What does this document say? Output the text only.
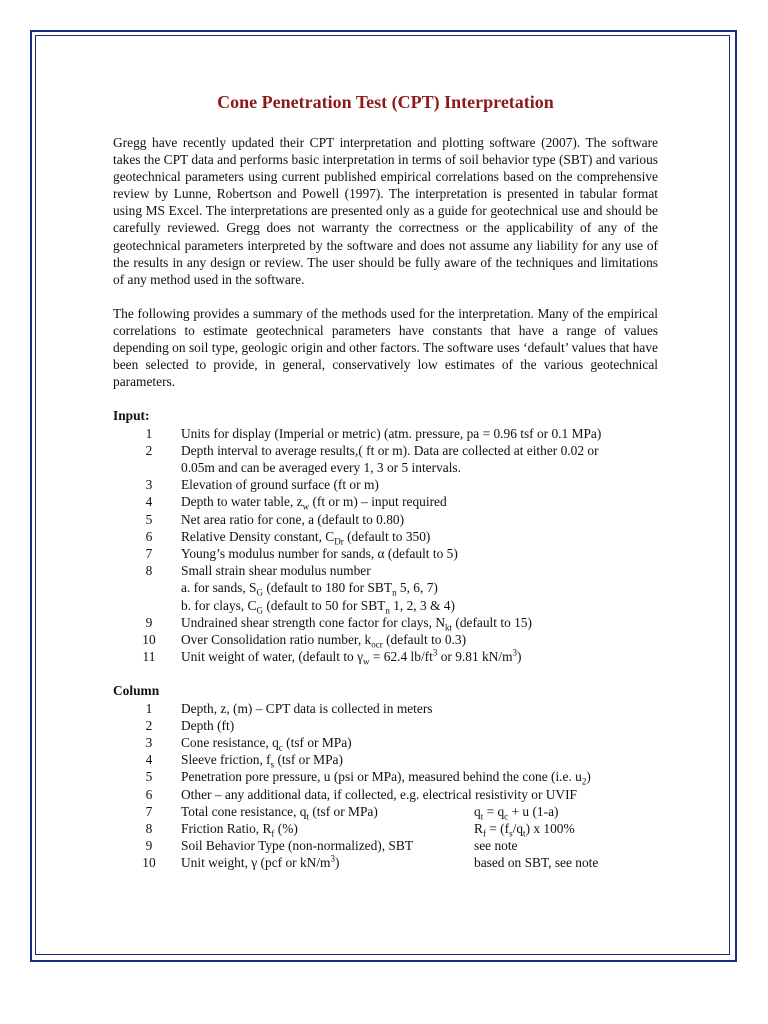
Cone Penetration Test (CPT) Interpretation

Gregg have recently updated their CPT interpretation and plotting software (2007). The software takes the CPT data and performs basic interpretation in terms of soil behavior type (SBT) and various geotechnical parameters using current published empirical correlations based on the comprehensive review by Lunne, Robertson and Powell (1997). The interpretation is presented in tabular format using MS Excel. The interpretations are presented only as a guide for geotechnical use and should be carefully reviewed. Gregg does not warranty the correctness or the applicability of any of the geotechnical parameters interpreted by the software and does not assume any liability for any use of the results in any design or review. The user should be fully aware of the techniques and limitations of any method used in the software.

The following provides a summary of the methods used for the interpretation. Many of the empirical correlations to estimate geotechnical parameters have constants that have a range of values depending on soil type, geologic origin and other factors. The software uses ‘default’ values that have been selected to provide, in general, conservatively low estimates of the various geotechnical parameters.

Input:
1	Units for display (Imperial or metric) (atm. pressure, pa = 0.96 tsf or 0.1 MPa)
2	Depth interval to average results,( ft or m). Data are collected at either 0.02 or
0.05m and can be averaged every 1, 3 or 5 intervals.
3	Elevation of ground surface (ft or m)
4	Depth to water table, $z_w$ (ft or m) – input required
5	Net area ratio for cone, a (default to 0.80)
6	Relative Density constant, $C_{Dr}$ (default to 350)
7	Young’s modulus number for sands, α (default to 5)
8	Small strain shear modulus number
a. for sands, $S_G$ (default to 180 for $SBT_n$ 5, 6, 7)
b. for clays, $C_G$ (default to 50 for $SBT_n$ 1, 2, 3 & 4)
9	Undrained shear strength cone factor for clays, $N_{kt}$ (default to 15)
10	Over Consolidation ratio number, $k_{ocr}$ (default to 0.3)
11	Unit weight of water, (default to $\gamma_w = 62.4$ $lb/ft^3$ or 9.81 $kN/m^3$)
Column
1	Depth, z, (m) – CPT data is collected in meters
2	Depth (ft)
3	Cone resistance, $q_c$ (tsf or MPa)
4	Sleeve friction, $f_s$ (tsf or MPa)
5	Penetration pore pressure, u (psi or MPa), measured behind the cone (i.e. $u_2$)
6	Other – any additional data, if collected, e.g. electrical resistivity or UVIF
7	Total cone resistance, $q_t$ (tsf or MPa)	$q_t = q_c + u$ (1-a)
8	Friction Ratio, $R_f$ (%)	$R_f = (f_s/q_t)$ x 100%
9	Soil Behavior Type (non-normalized), SBT	see note
10	Unit weight, γ (pcf or $kN/m^3$)	based on SBT, see note
